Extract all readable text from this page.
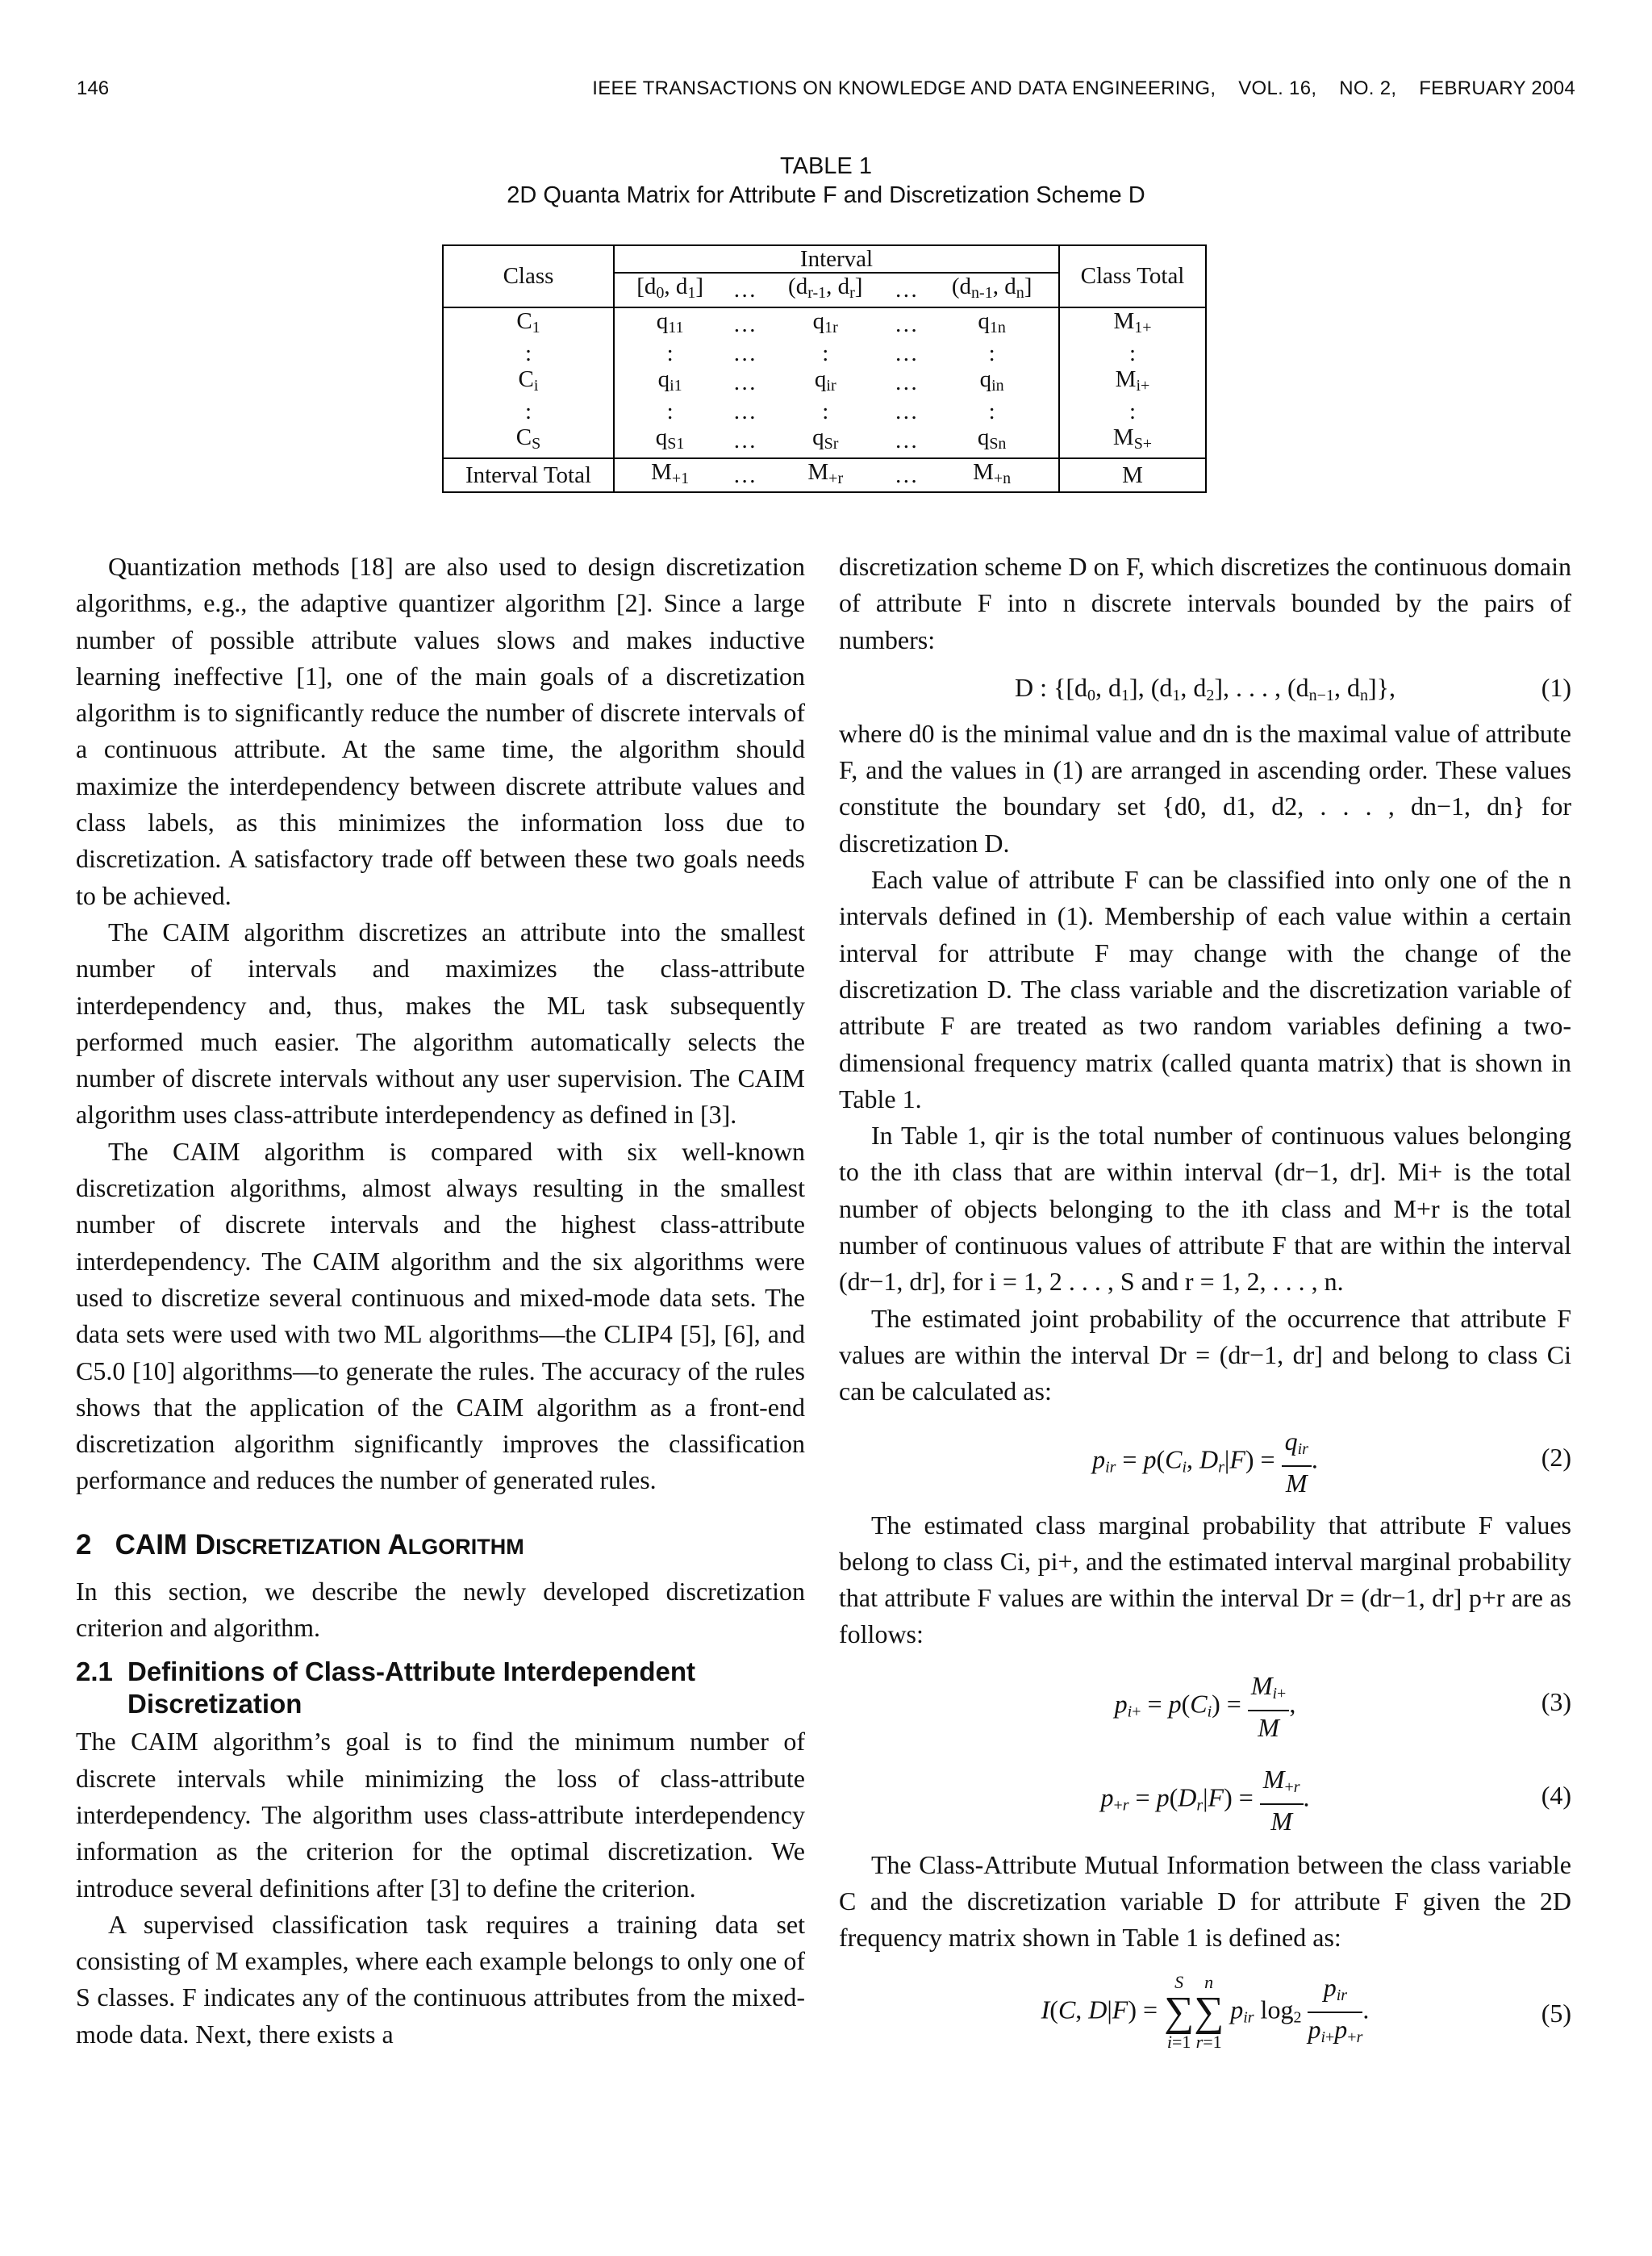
146	IEEE TRANSACTIONS ON KNOWLEDGE AND DATA ENGINEERING,    VOL. 16,    NO. 2,    FEBRUARY 2004
TABLE 1
2D Quanta Matrix for Attribute F and Discretization Scheme D
Class	Interval					Class Total
	[$d_0$, $d_1$]	…	($d_{r-1}$, $d_r$]	…	($d_{n-1}$, $d_n$]	
$C_1$	$q_{11}$	…	$q_{1r}$	…	$q_{1n}$	$M_{1+}$
:	:	…	:	…	:	:
$C_i$	$q_{i1}$	…	$q_{ir}$	…	$q_{in}$	$M_{i+}$
:	:	…	:	…	:	:
$C_S$	$q_{S1}$	…	$q_{Sr}$	…	$q_{Sn}$	$M_{S+}$
Interval Total	$M_{+1}$	…	$M_{+r}$	…	$M_{+n}$	M

Quantization methods [18] are also used to design discretization algorithms, e.g., the adaptive quantizer algorithm [2]. Since a large number of possible attribute values slows and makes inductive learning ineffective [1], one of the main goals of a discretization algorithm is to significantly reduce the number of discrete intervals of a continuous attribute. At the same time, the algorithm should maximize the interdependency between discrete attribute values and class labels, as this minimizes the information loss due to discretization. A satisfactory trade off between these two goals needs to be achieved.

The CAIM algorithm discretizes an attribute into the smallest number of intervals and maximizes the class-attribute interdependency and, thus, makes the ML task subsequently performed much easier. The algorithm automatically selects the number of discrete intervals without any user supervision. The CAIM algorithm uses class-attribute interdependency as defined in [3].

The CAIM algorithm is compared with six well-known discretization algorithms, almost always resulting in the smallest number of discrete intervals and the highest class-attribute interdependency. The CAIM algorithm and the six algorithms were used to discretize several continuous and mixed-mode data sets. The data sets were used with two ML algorithms—the CLIP4 [5], [6], and C5.0 [10] algorithms—to generate the rules. The accuracy of the rules shows that the application of the CAIM algorithm as a front-end discretization algorithm significantly improves the classification performance and reduces the number of generated rules.

2 CAIM DISCRETIZATION ALGORITHM

In this section, we describe the newly developed discretization criterion and algorithm.

2.1 Definitions of Class-Attribute Interdependent Discretization

The CAIM algorithm’s goal is to find the minimum number of discrete intervals while minimizing the loss of class-attribute interdependency. The algorithm uses class-attribute interdependency information as the criterion for the optimal discretization. We introduce several definitions after [3] to define the criterion.

A supervised classification task requires a training data set consisting of M examples, where each example belongs to only one of S classes. F indicates any of the continuous attributes from the mixed-mode data. Next, there exists a

discretization scheme D on F, which discretizes the continuous domain of attribute F into n discrete intervals bounded by the pairs of numbers:

D : {[$d_0$, $d_1$], ($d_1$, $d_2$], . . . , ($d_{n-1}$, $d_n$]},	(1)

where d0 is the minimal value and dn is the maximal value of attribute F, and the values in (1) are arranged in ascending order. These values constitute the boundary set {d0, d1, d2, . . . , dn−1, dn} for discretization D.

Each value of attribute F can be classified into only one of the n intervals defined in (1). Membership of each value within a certain interval for attribute F may change with the change of the discretization D. The class variable and the discretization variable of attribute F are treated as two random variables defining a two-dimensional frequency matrix (called quanta matrix) that is shown in Table 1.

In Table 1, qir is the total number of continuous values belonging to the ith class that are within interval (dr−1, dr]. Mi+ is the total number of objects belonging to the ith class and M+r is the total number of continuous values of attribute F that are within the interval (dr−1, dr], for i = 1, 2 . . . , S and r = 1, 2, . . . , n.

The estimated joint probability of the occurrence that attribute F values are within the interval Dr = (dr−1, dr] and belong to class Ci can be calculated as:

$p_{ir} = p(C_i$, $D_r|F) = \frac{q_{ir}}{M}$ .	(2)

The estimated class marginal probability that attribute F values belong to class Ci, pi+, and the estimated interval marginal probability that attribute F values are within the interval Dr = (dr−1, dr] p+r are as follows:

$p_{i+} = p(C_i) = \frac{M_{i+}}{M}$ ,	(3)
$p_{+r} = p(D_r|F) = \frac{M_{+r}}{M}$ .	(4)

The Class-Attribute Mutual Information between the class variable C and the discretization variable D for attribute F given the 2D frequency matrix shown in Table 1 is defined as:

I(C, D|F) = S
∑
i=1n
∑
r=1 $p_{ir}$ $\log_2 \frac{p_{ir}}{p_{i+}p_{+r}}$ .	(5)
